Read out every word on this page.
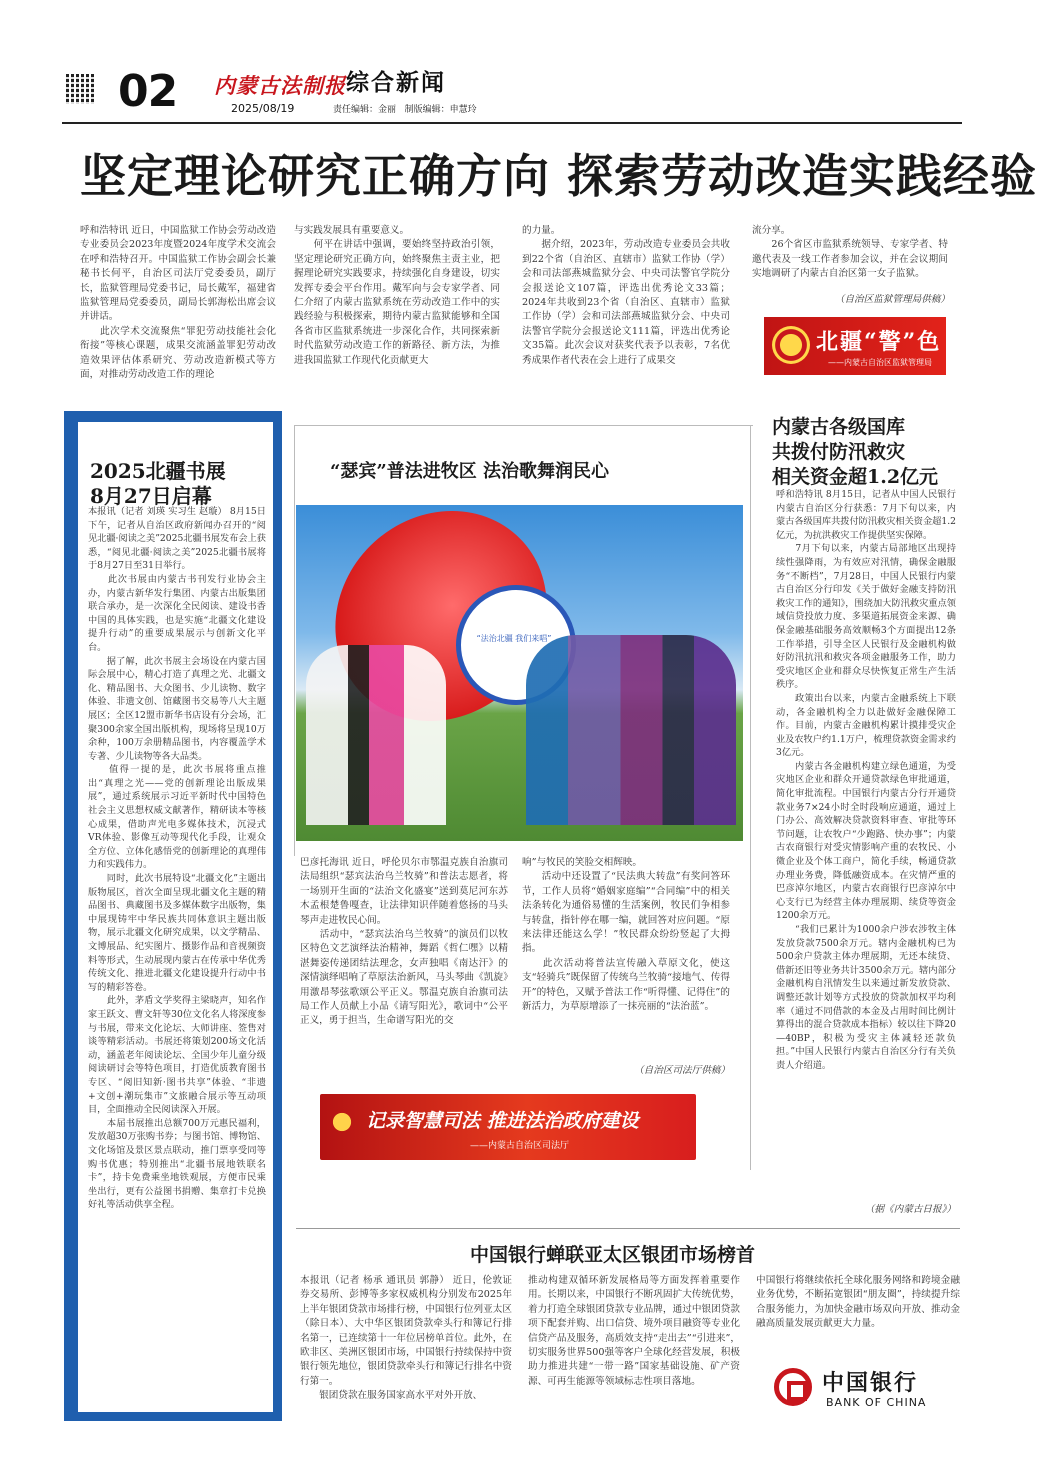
02 内蒙古法制报
2025/08/19
综合新闻
责任编辑：金丽   制版编辑：申慧玲
坚定理论研究正确方向 探索劳动改造实践经验
呼和浩特讯 近日，中国监狱工作协会劳动改造专业委员会2023年度暨2024年度学术交流会在呼和浩特召开。中国监狱工作协会副会长兼秘书长何平，自治区司法厅党委委员，副厅长，监狱管理局党委书记，局长戴军，福建省监狱管理局党委委员，副局长郭海松出席会议并讲话。
　　此次学术交流聚焦“罪犯劳动技能社会化衔接”等核心课题，成果交流涵盖罪犯劳动改造效果评估体系研究、劳动改造新模式等方面，对推动劳动改造工作的理论
与实践发展具有重要意义。
　　何平在讲话中强调，要始终坚持政治引领，坚定理论研究正确方向，始终聚焦主责主业，把握理论研究实践要求，持续强化自身建设，切实发挥专委会平台作用。戴军向与会专家学者、同仁介绍了内蒙古监狱系统在劳动改造工作中的实践经验与积极探索，期待内蒙古监狱能够和全国各省市区监狱系统进一步深化合作，共同探索新时代监狱劳动改造工作的新路径、新方法，为推进我国监狱工作现代化贡献更大
的力量。
　　据介绍，2023年，劳动改造专业委员会共收到22个省（自治区、直辖市）监狱工作协（学）会和司法部燕城监狱分会、中央司法警官学院分会报送论文107篇，评选出优秀论文33篇；2024年共收到23个省（自治区、直辖市）监狱工作协（学）会和司法部燕城监狱分会、中央司法警官学院分会报送论文111篇，评选出优秀论文35篇。此次会议对获奖代表予以表彰，7名优秀成果作者代表在会上进行了成果交
流分享。
　　26个省区市监狱系统领导、专家学者、特邀代表及一线工作者参加会议，并在会议期间实地调研了内蒙古自治区第一女子监狱。
（自治区监狱管理局供稿）
北疆“警”色
——内蒙古自治区监狱管理局
2025北疆书展
8月27日启幕
本报讯（记者 刘瑛 实习生 赵璇） 8月15日下午，记者从自治区政府新闻办召开的“阅见北疆·阅读之美”2025北疆书展发布会上获悉，“阅见北疆·阅读之美”2025北疆书展将于8月27日至31日举行。
　　此次书展由内蒙古书刊发行业协会主办，内蒙古新华发行集团、内蒙古出版集团联合承办，是一次深化全民阅读、建设书香中国的具体实践，也是实施“北疆文化建设提升行动”的重要成果展示与创新文化平台。
　　据了解，此次书展主会场设在内蒙古国际会展中心，精心打造了真理之光、北疆文化、精品图书、大众图书、少儿读物、数字体验、非遗文创、馆藏图书交易等八大主题展区；全区12盟市新华书店设有分会场，汇聚300余家全国出版机构，现场将呈现10万余种，100万余册精品图书，内容覆盖学术专著、少儿读物等各大品类。
　　值得一提的是，此次书展将重点推出“真理之光——党的创新理论出版成果展”，通过系统展示习近平新时代中国特色社会主义思想权威文献著作，精研读本等核心成果，借助声光电多媒体技术，沉浸式VR体验、影像互动等现代化手段，让观众全方位、立体化感悟党的创新理论的真理伟力和实践伟力。
　　同时，此次书展特设“北疆文化”主题出版物展区，首次全面呈现北疆文化主题的精品图书、典藏图书及多媒体数字出版物，集中展现铸牢中华民族共同体意识主题出版物，展示北疆文化研究成果，以文学精品、文博展品、纪实图片、摄影作品和音视频资料等形式，生动展现内蒙古在传承中华优秀传统文化、推进北疆文化建设提升行动中书写的精彩答卷。
　　此外，茅盾文学奖得主梁晓声，知名作家王跃文、曹文轩等30位文化名人将深度参与书展，带来文化论坛、大师讲座、签售对谈等精彩活动。书展还将策划200场文化活动，涵盖老年阅读论坛、全国少年儿童分级阅读研讨会等特色项目，打造优质教育图书专区、“阅旧知新·图书共享”体验、“非遗+文创+潮玩集市”文旅融合展示等互动项目，全面推动全民阅读深入开展。
　　本届书展推出总额700万元惠民福利，发放超30万张购书券；与图书馆、博物馆、文化场馆及景区景点联动，推门票享受同等购书优惠；特别推出“北疆书展地铁联名卡”，持卡免费乘坐地铁观展，方便市民乘坐出行，更有公益图书捐赠、集章打卡兑换好礼等活动供享全程。
“瑟宾”普法进牧区 法治歌舞润民心
“法治北疆 我们来唱”
巴彦托海讯 近日，呼伦贝尔市鄂温克族自治旗司法局组织“瑟宾法治乌兰牧骑”和普法志愿者，将一场别开生面的“法治文化盛宴”送到莫尼河东苏木孟根楚鲁嘎查，让法律知识伴随着悠扬的马头琴声走进牧民心间。
　　活动中，“瑟宾法治乌兰牧骑”的演员们以牧区特色文艺演绎法治精神，舞蹈《哲仁嘿》以精湛舞姿传递团结法理念，女声独唱《南达汗》的深情演绎唱响了草原法治新风，马头琴曲《凯旋》用激昂琴弦歌颂公平正义。鄂温克族自治旗司法局工作人员献上小品《请写阳光》，歌词中“公平正义，勇于担当，生命谱写阳光的交
响”与牧民的笑脸交相辉映。
　　活动中还设置了“民法典大转盘”有奖问答环节，工作人员将“婚姻家庭编”“合同编”中的相关法条转化为通俗易懂的生活案例，牧民们争相参与转盘，指针停在哪一编，就回答对应问题。“原来法律还能这么学！”牧民群众纷纷竖起了大拇指。
　　此次活动将普法宣传融入草原文化，使这支“轻骑兵”既保留了传统乌兰牧骑“接地气、传得开”的特色，又赋予普法工作“听得懂、记得住”的新活力，为草原增添了一抹亮丽的“法治蓝”。
（自治区司法厅供稿）
记录智慧司法 推进法治政府建设
——内蒙古自治区司法厅
内蒙古各级国库
共拨付防汛救灾
相关资金超1.2亿元
呼和浩特讯 8月15日，记者从中国人民银行内蒙古自治区分行获悉：7月下旬以来，内蒙古各级国库共拨付防汛救灾相关资金超1.2亿元，为抗洪救灾工作提供坚实保障。
　　7月下旬以来，内蒙古局部地区出现持续性强降雨，为有效应对汛情，确保金融服务“不断档”，7月28日，中国人民银行内蒙古自治区分行印发《关于做好金融支持防汛救灾工作的通知》，围绕加大防汛救灾重点领域信贷投放力度、多渠道拓展资金来源、确保金融基础服务高效顺畅3个方面提出12条工作举措，引导全区人民银行及金融机构做好防汛抗汛和救灾各项金融服务工作，助力受灾地区企业和群众尽快恢复正常生产生活秩序。
　　政策出台以来，内蒙古金融系统上下联动，各金融机构全力以赴做好金融保障工作。目前，内蒙古金融机构累计摸排受灾企业及农牧户约1.1万户，梳理贷款资金需求约3亿元。
　　内蒙古各金融机构建立绿色通道，为受灾地区企业和群众开通贷款绿色审批通道，简化审批流程。中国银行内蒙古分行开通贷款业务7×24小时全时段响应通道，通过上门办公、高效解决贷款资料审查、审批等环节问题，让农牧户“少跑路、快办事”；内蒙古农商银行对受灾情影响产重的农牧民、小微企业及个体工商户，简化手续，畅通贷款办理业务费，降低融资成本。在灾情严重的巴彦淖尔地区，内蒙古农商银行巴彦淖尔中心支行已为经营主体办理展期、续贷等资金1200余万元。
　　“我们已累计为1000余户涉农涉牧主体发放贷款7500余万元。辖内金融机构已为500余户贷款主体办理展期，无还本续贷、借新还旧等业务共计3500余万元。辖内部分金融机构自汛情发生以来通过新发放贷款、调整还款计划等方式投放的贷款加权平均利率（通过不同借款的本金及占用时间比例计算得出的混合贷款成本指标）较以往下降20—40BP，积极为受灾主体减轻还款负担。”中国人民银行内蒙古自治区分行有关负责人介绍道。
（据《内蒙古日报》）
中国银行蝉联亚太区银团市场榜首
本报讯（记者 杨承 通讯员 郭静） 近日，伦敦证券交易所、彭博等多家权威机构分别发布2025年上半年银团贷款市场排行榜，中国银行位列亚太区（除日本）、大中华区银团贷款牵头行和簿记行排名第一，已连续第十一年位居榜单首位。此外，在欧非区、美洲区银团市场，中国银行持续保持中资银行领先地位，银团贷款牵头行和簿记行排名中资行第一。
　　银团贷款在服务国家高水平对外开放、
推动构建双循环新发展格局等方面发挥着重要作用。长期以来，中国银行不断巩固扩大传统优势，着力打造全球银团贷款专业品牌，通过中银团贷款项下配套并购、出口信贷、境外项目融资等专业化信贷产品及服务，高质效支持“走出去”“引进来”，切实服务世界500强等客户全球化经营发展，积极助力推进共建“一带一路”国家基础设施、矿产资源、可再生能源等领域标志性项目落地。
中国银行将继续依托全球化服务网络和跨境金融业务优势，不断拓宽银团“朋友圈”，持续提升综合服务能力，为加快金融市场双向开放、推动金融高质量发展贡献更大力量。
中国银行
BANK OF CHINA
